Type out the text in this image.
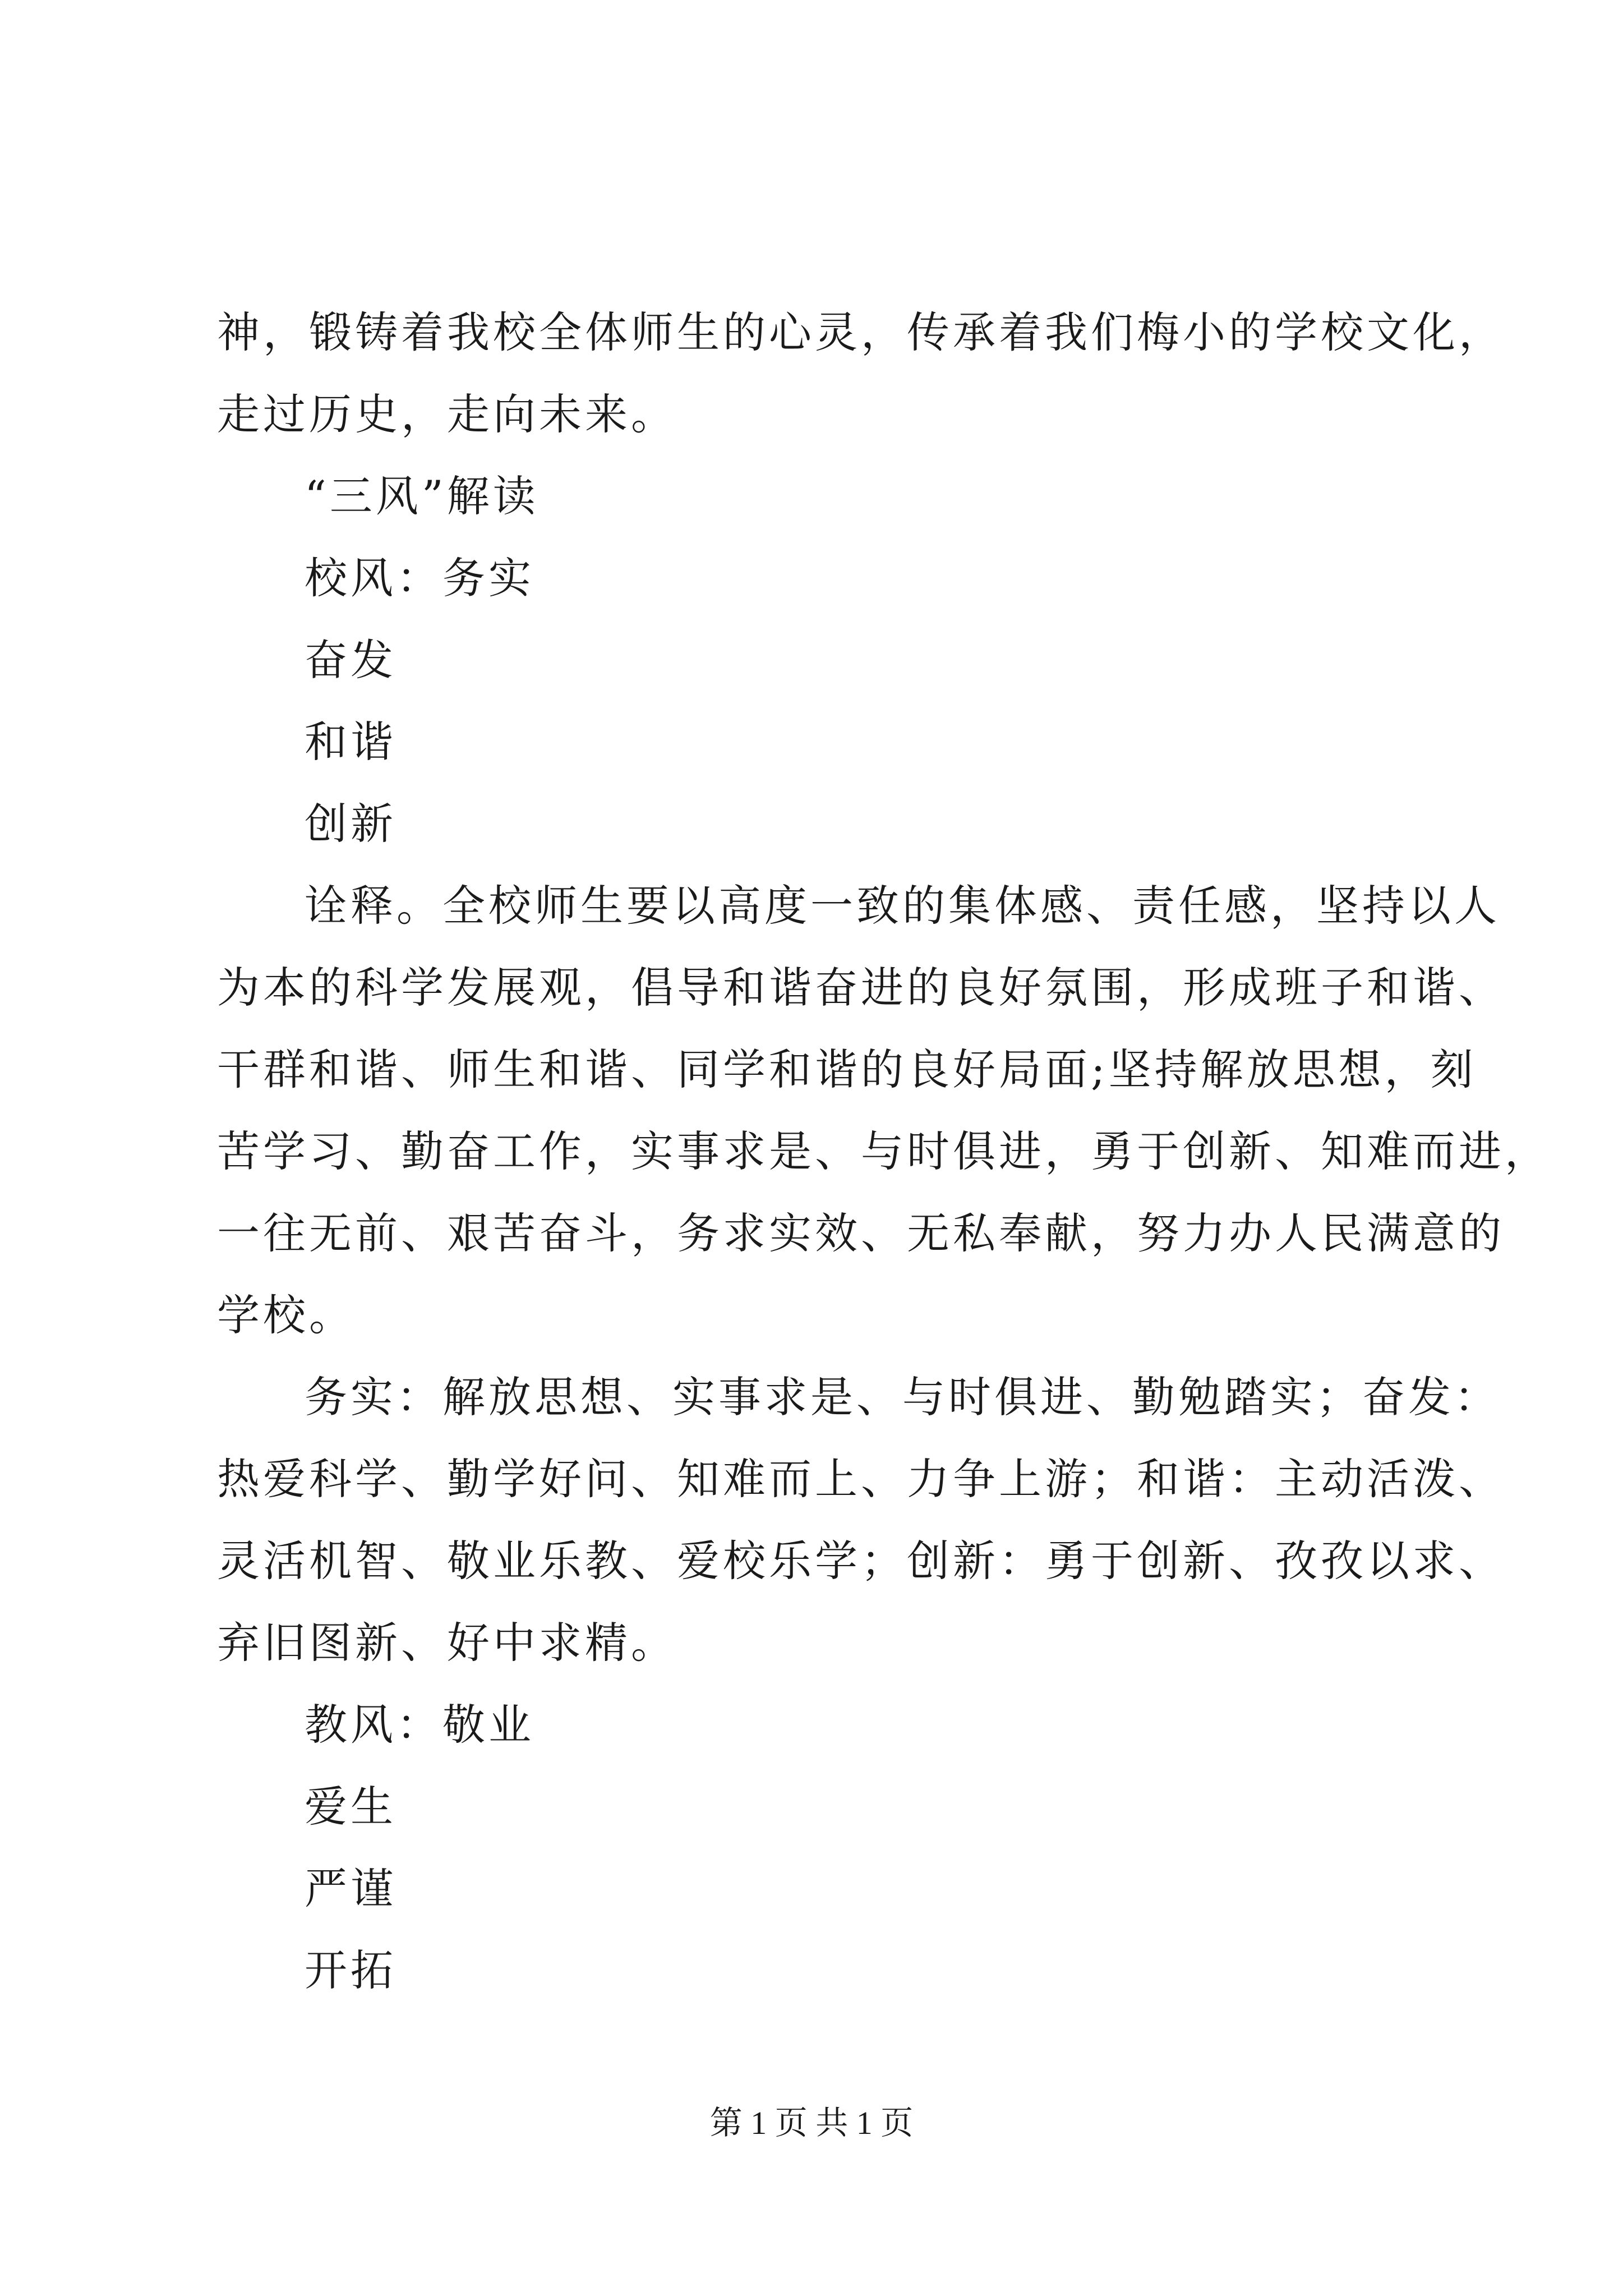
神，锻铸着我校全体师生的心灵，传承着我们梅小的学校文化，
走过历史，走向未来。
“三风”解读
校风：务实
奋发
和谐
创新
诠释。全校师生要以高度一致的集体感、责任感，坚持以人
为本的科学发展观，倡导和谐奋进的良好氛围，形成班子和谐、
干群和谐、师生和谐、同学和谐的良好局面;坚持解放思想，刻
苦学习、勤奋工作，实事求是、与时俱进，勇于创新、知难而进，
一往无前、艰苦奋斗，务求实效、无私奉献，努力办人民满意的
学校。
务实：解放思想、实事求是、与时俱进、勤勉踏实；奋发：
热爱科学、勤学好问、知难而上、力争上游；和谐：主动活泼、
灵活机智、敬业乐教、爱校乐学；创新：勇于创新、孜孜以求、
弃旧图新、好中求精。
教风：敬业
爱生
严谨
开拓
第 1 页 共 1 页
